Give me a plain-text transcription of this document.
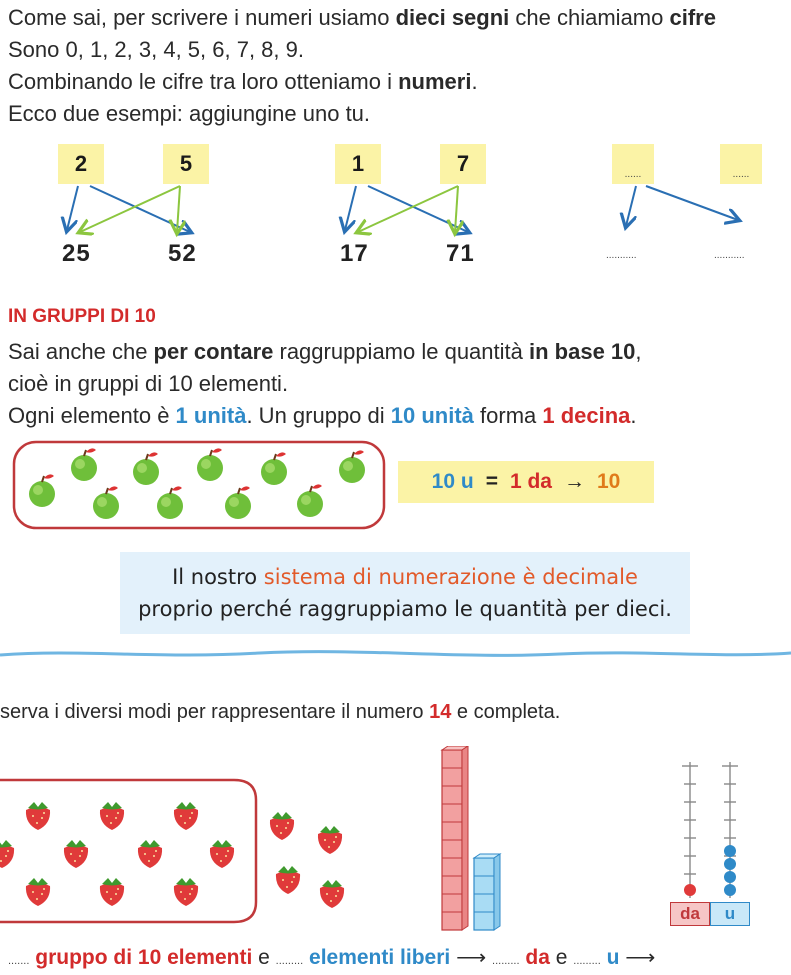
Come sai, per scrivere i numeri usiamo dieci segni che chiamiamo cifre
Sono 0, 1, 2, 3, 4, 5, 6, 7, 8, 9.
Combinando le cifre tra loro otteniamo i numeri.
Ecco due esempi: aggiungine uno tu.
2	5
25	52
1	7
17	71
......	......
...........	...........
IN GRUPPI DI 10
Sai anche che per contare raggruppiamo le quantità in base 10,
cioè in gruppi di 10 elementi.
Ogni elemento è 1 unità. Un gruppo di 10 unità forma 1 decina.
10 u = 1 da → 10
Il nostro sistema di numerazione è decimale
proprio perché raggruppiamo le quantità per dieci.
serva i diversi modi per rappresentare il numero 14 e completa.
da	u
....... gruppo di 10 elementi e ......... elementi liberi ⟶ ......... da e ......... u ⟶
